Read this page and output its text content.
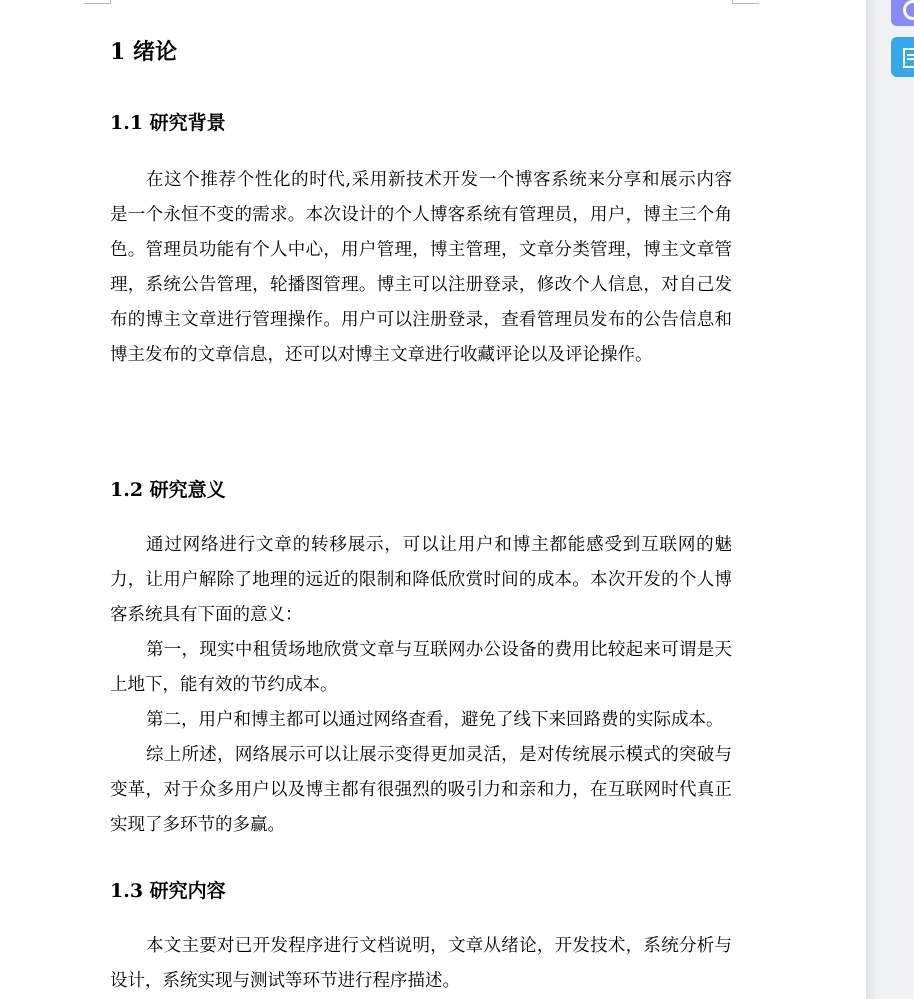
1 绪论
1.1 研究背景
在这个推荐个性化的时代,采用新技术开发一个博客系统来分享和展示内容
是一个永恒不变的需求。本次设计的个人博客系统有管理员，用户，博主三个角
色。管理员功能有个人中心，用户管理，博主管理，文章分类管理，博主文章管
理，系统公告管理，轮播图管理。博主可以注册登录，修改个人信息，对自己发
布的博主文章进行管理操作。用户可以注册登录，查看管理员发布的公告信息和
博主发布的文章信息，还可以对博主文章进行收藏评论以及评论操作。
1.2 研究意义
通过网络进行文章的转移展示，可以让用户和博主都能感受到互联网的魅
力，让用户解除了地理的远近的限制和降低欣赏时间的成本。本次开发的个人博
客系统具有下面的意义：
第一，现实中租赁场地欣赏文章与互联网办公设备的费用比较起来可谓是天
上地下，能有效的节约成本。
第二，用户和博主都可以通过网络查看，避免了线下来回路费的实际成本。
综上所述，网络展示可以让展示变得更加灵活，是对传统展示模式的突破与
变革，对于众多用户以及博主都有很强烈的吸引力和亲和力，在互联网时代真正
实现了多环节的多赢。
1.3 研究内容
本文主要对已开发程序进行文档说明，文章从绪论，开发技术，系统分析与
设计，系统实现与测试等环节进行程序描述。
